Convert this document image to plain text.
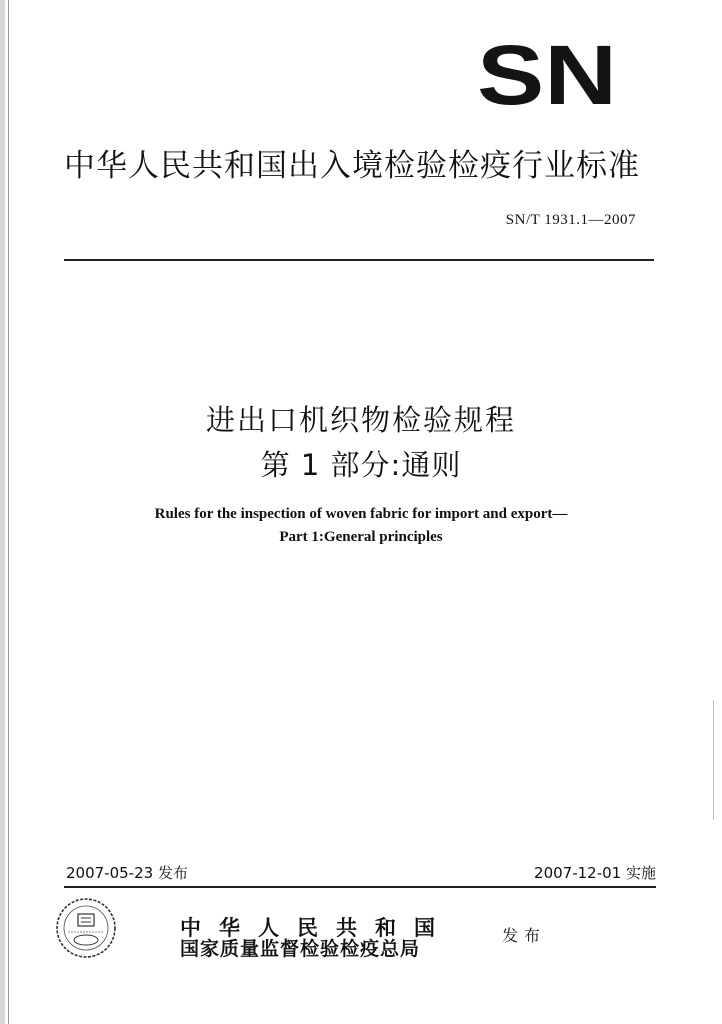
SN
中华人民共和国出入境检验检疫行业标准
SN/T 1931.1—2007
进出口机织物检验规程
第 1 部分:通则
Rules for the inspection of woven fabric for import and export—
Part 1:General principles
2007-05-23 发布	2007-12-01 实施
中华人民共和国
国家质量监督检验检疫总局
发布
